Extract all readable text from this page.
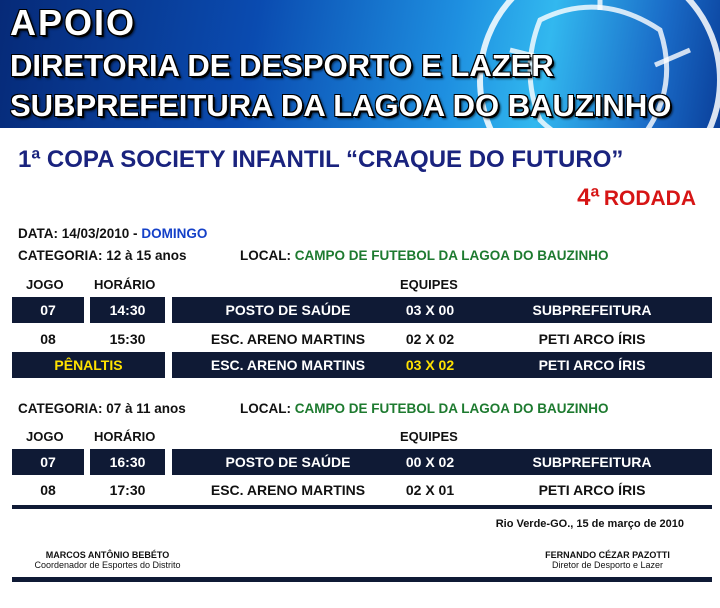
APOIO
DIRETORIA DE DESPORTO E LAZER
SUBPREFEITURA DA LAGOA DO BAUZINHO
1ª COPA SOCIETY INFANTIL “CRAQUE DO FUTURO”
4ª RODADA
DATA: 14/03/2010 - DOMINGO
CATEGORIA: 12 à 15 anos	LOCAL: CAMPO DE FUTEBOL DA LAGOA DO BAUZINHO
JOGO HORÁRIO	EQUIPES
07	14:30	POSTO DE SAÚDE	03 X 00	SUBPREFEITURA
08	15:30	ESC. ARENO MARTINS	02 X 02	PETI ARCO ÍRIS
PÊNALTIS	ESC. ARENO MARTINS	03 X 02	PETI ARCO ÍRIS
CATEGORIA: 07 à 11 anos	LOCAL: CAMPO DE FUTEBOL DA LAGOA DO BAUZINHO
JOGO HORÁRIO	EQUIPES
07	16:30	POSTO DE SAÚDE	00 X 02	SUBPREFEITURA
08	17:30	ESC. ARENO MARTINS	02 X 01	PETI ARCO ÍRIS
Rio Verde-GO., 15 de março de 2010
MARCOS ANTÔNIO BEBÉTO
Coordenador de Esportes do Distrito
FERNANDO CÉZAR PAZOTTI
Diretor de Desporto e Lazer
